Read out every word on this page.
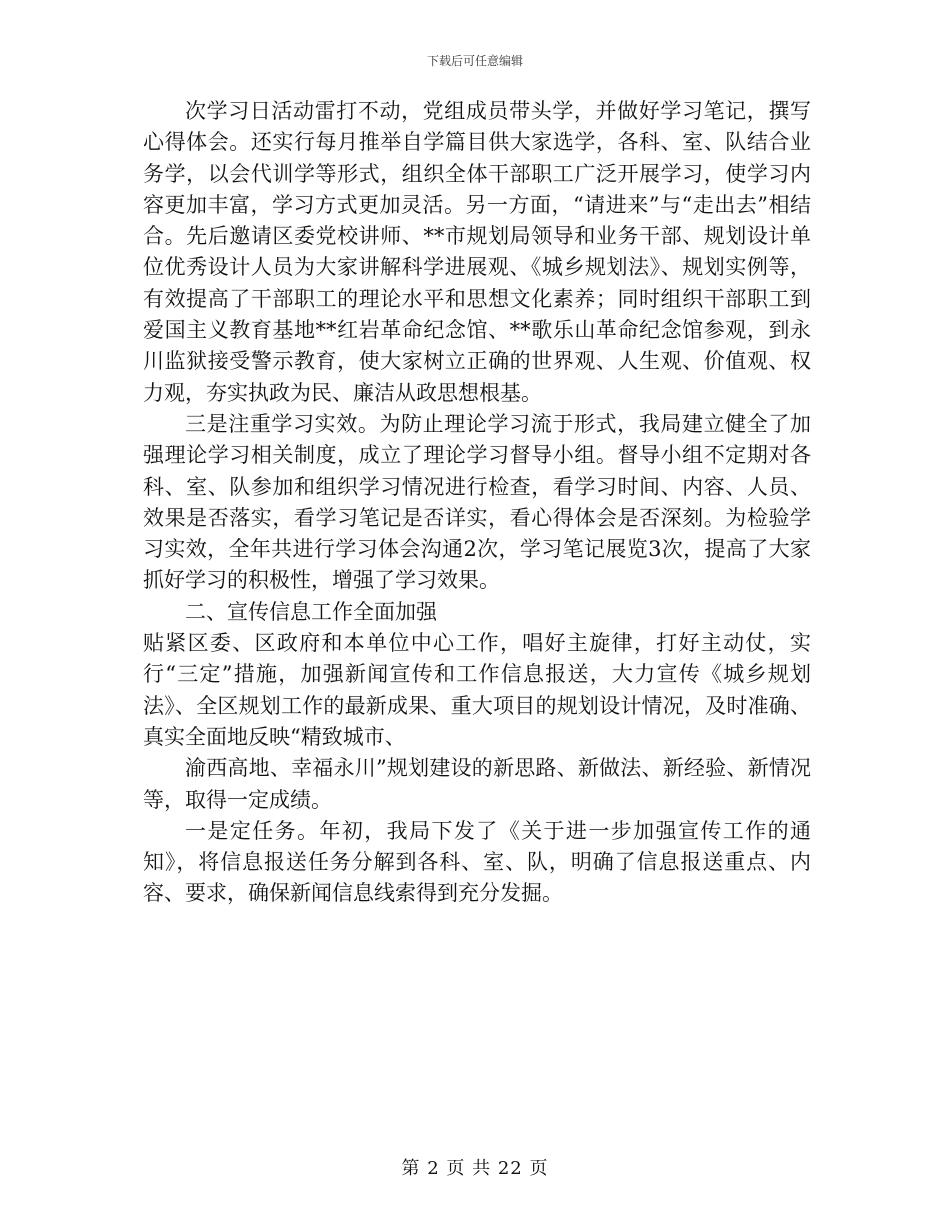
下载后可任意编辑

次学习日活动雷打不动，党组成员带头学，并做好学习笔记，撰写心得体会。还实行每月推举自学篇目供大家选学，各科、室、队结合业务学，以会代训学等形式，组织全体干部职工广泛开展学习，使学习内容更加丰富，学习方式更加灵活。另一方面，“请进来”与“走出去”相结合。先后邀请区委党校讲师、**市规划局领导和业务干部、规划设计单位优秀设计人员为大家讲解科学进展观、《城乡规划法》、规划实例等，有效提高了干部职工的理论水平和思想文化素养；同时组织干部职工到爱国主义教育基地**红岩革命纪念馆、**歌乐山革命纪念馆参观，到永川监狱接受警示教育，使大家树立正确的世界观、人生观、价值观、权力观，夯实执政为民、廉洁从政思想根基。

三是注重学习实效。为防止理论学习流于形式，我局建立健全了加强理论学习相关制度，成立了理论学习督导小组。督导小组不定期对各科、室、队参加和组织学习情况进行检查，看学习时间、内容、人员、效果是否落实，看学习笔记是否详实，看心得体会是否深刻。为检验学习实效，全年共进行学习体会沟通2次，学习笔记展览3次，提高了大家抓好学习的积极性，增强了学习效果。

二、宣传信息工作全面加强

贴紧区委、区政府和本单位中心工作，唱好主旋律，打好主动仗，实行“三定”措施，加强新闻宣传和工作信息报送，大力宣传《城乡规划法》、全区规划工作的最新成果、重大项目的规划设计情况，及时准确、真实全面地反映“精致城市、

渝西高地、幸福永川”规划建设的新思路、新做法、新经验、新情况等，取得一定成绩。

一是定任务。年初，我局下发了《关于进一步加强宣传工作的通知》，将信息报送任务分解到各科、室、队，明确了信息报送重点、内容、要求，确保新闻信息线索得到充分发掘。

第 2 页 共 22 页
